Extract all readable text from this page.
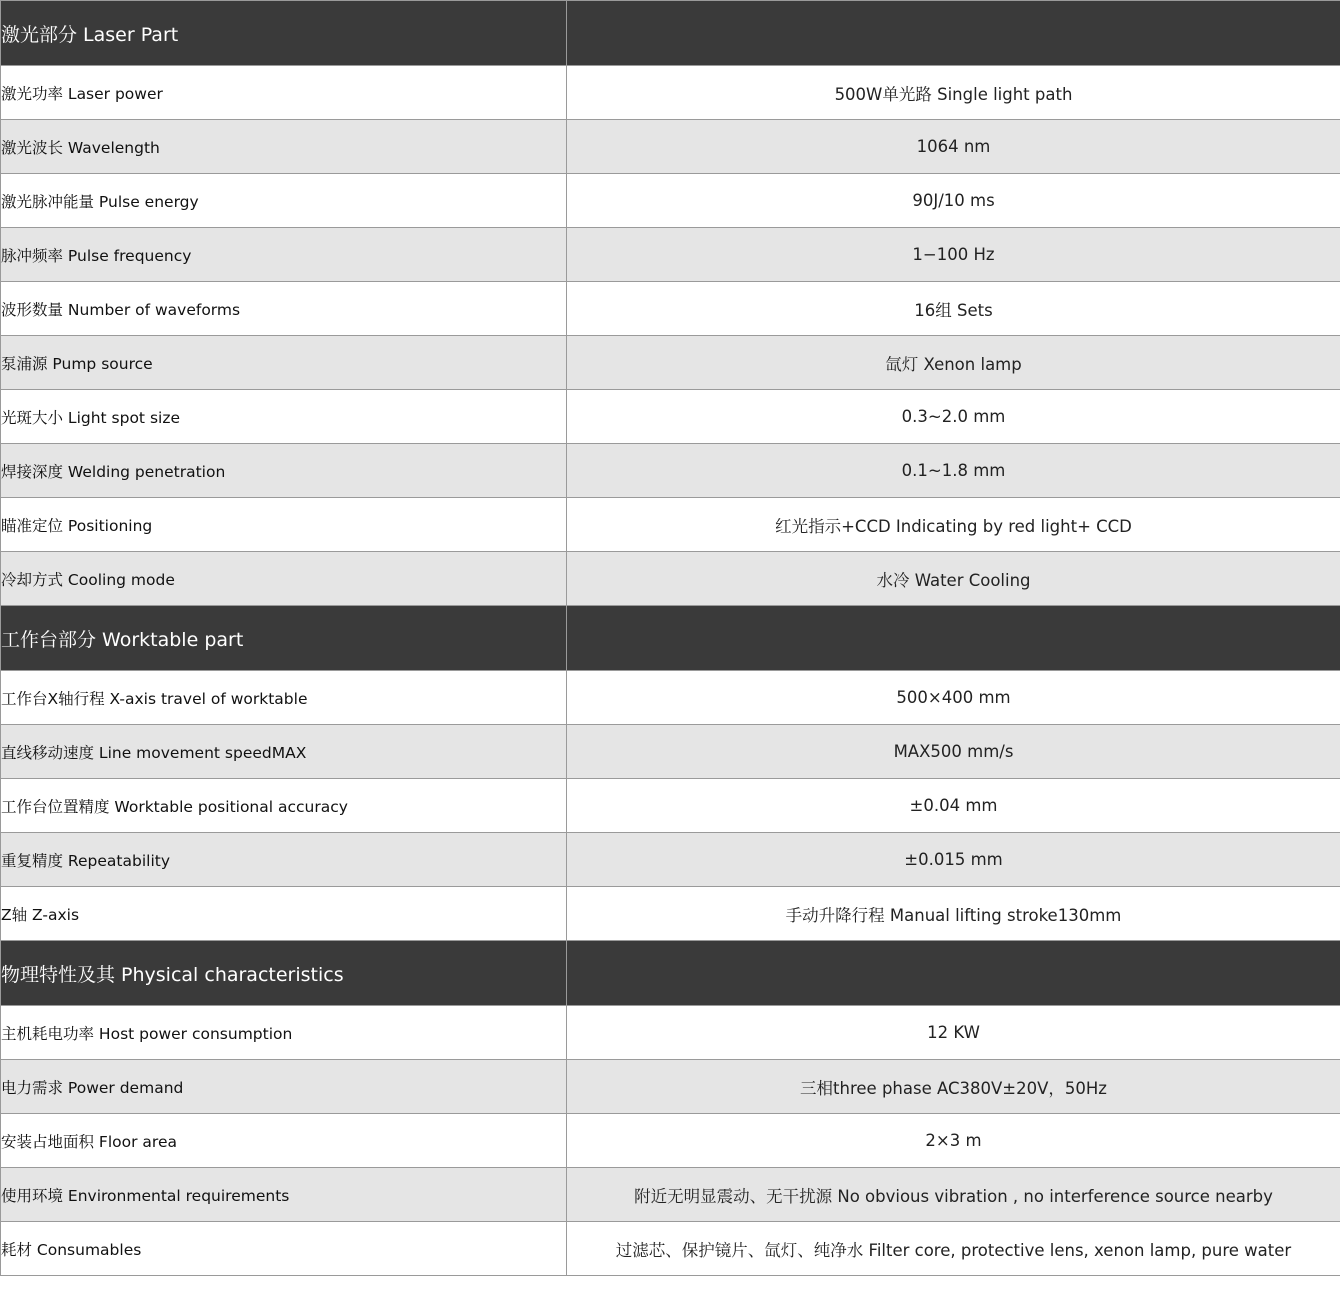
激光部分 Laser Part	
激光功率 Laser power	500W单光路 Single light path
激光波长 Wavelength	1064 nm
激光脉冲能量 Pulse energy	90J/10 ms
脉冲频率 Pulse frequency	1−100 Hz
波形数量 Number of waveforms	16组 Sets
泵浦源 Pump source	氙灯 Xenon lamp
光斑大小 Light spot size	0.3~2.0 mm
焊接深度 Welding penetration	0.1~1.8 mm
瞄准定位 Positioning	红光指示+CCD Indicating by red light+ CCD
冷却方式 Cooling mode	水冷 Water Cooling
工作台部分 Worktable part	
工作台X轴行程 X-axis travel of worktable	500×400 mm
直线移动速度 Line movement speedMAX	MAX500 mm/s
工作台位置精度 Worktable positional accuracy	±0.04 mm
重复精度 Repeatability	±0.015 mm
Z轴 Z-axis	手动升降行程 Manual lifting stroke130mm
物理特性及其 Physical characteristics	
主机耗电功率 Host power consumption	12 KW
电力需求 Power demand	三相three phase AC380V±20V，50Hz
安装占地面积 Floor area	2×3 m
使用环境 Environmental requirements	附近无明显震动、无干扰源 No obvious vibration , no interference source nearby
耗材 Consumables	过滤芯、保护镜片、氙灯、纯净水 Filter core, protective lens, xenon lamp, pure water
